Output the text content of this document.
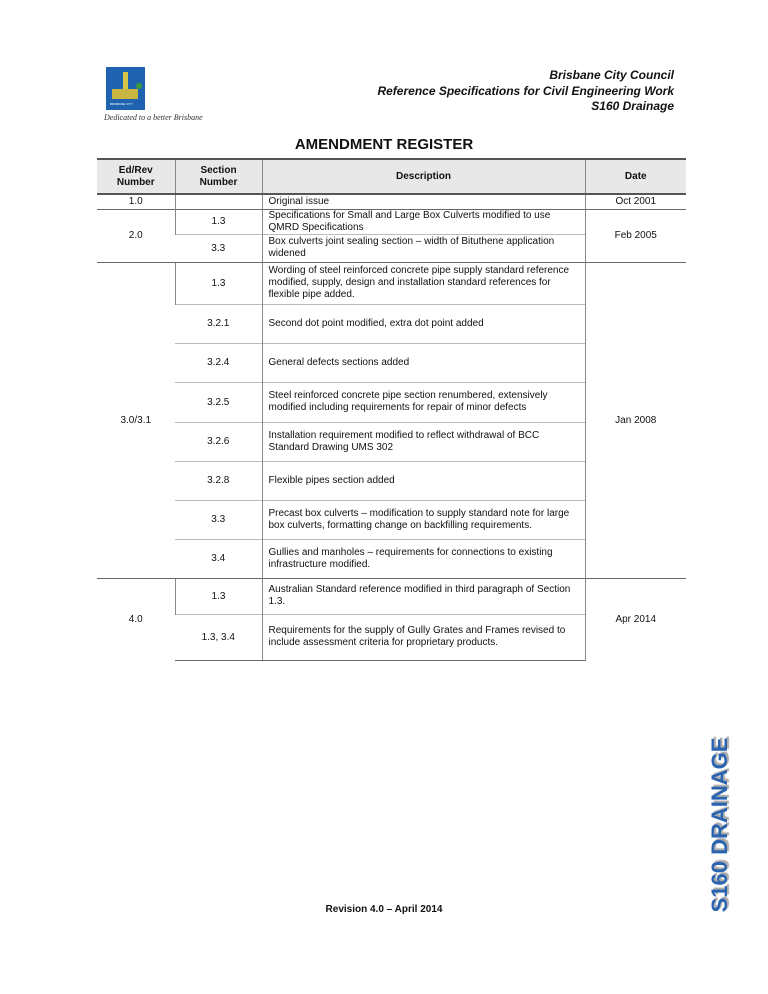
BRISBANE CITY
Dedicated to a better Brisbane
Brisbane City Council
Reference Specifications for Civil Engineering Work
S160 Drainage
AMENDMENT REGISTER
Ed/Rev Number	Section Number	Description	Date
1.0		Original issue	Oct 2001
2.0	1.3	Specifications for Small and Large Box Culverts modified to use QMRD Specifications	Feb 2005
	3.3	Box culverts joint sealing section – width of Bituthene application widened	
3.0/3.1	1.3	Wording of steel reinforced concrete pipe supply standard reference modified, supply, design and installation standard references for flexible pipe added.	Jan 2008
	3.2.1	Second dot point modified, extra dot point added	
	3.2.4	General defects sections added	
	3.2.5	Steel reinforced concrete pipe section renumbered, extensively modified including requirements for repair of minor defects	
	3.2.6	Installation requirement modified to reflect withdrawal of BCC Standard Drawing UMS 302	
	3.2.8	Flexible pipes section added	
	3.3	Precast box culverts – modification to supply standard note for large box culverts, formatting change on backfilling requirements.	
	3.4	Gullies and manholes – requirements for connections to existing infrastructure modified.	
4.0	1.3	Australian Standard reference modified in third paragraph of Section 1.3.	Apr 2014
	1.3, 3.4	Requirements for the supply of Gully Grates and Frames revised to include assessment criteria for proprietary products.	
S160 DRAINAGE
Revision 4.0 – April 2014
